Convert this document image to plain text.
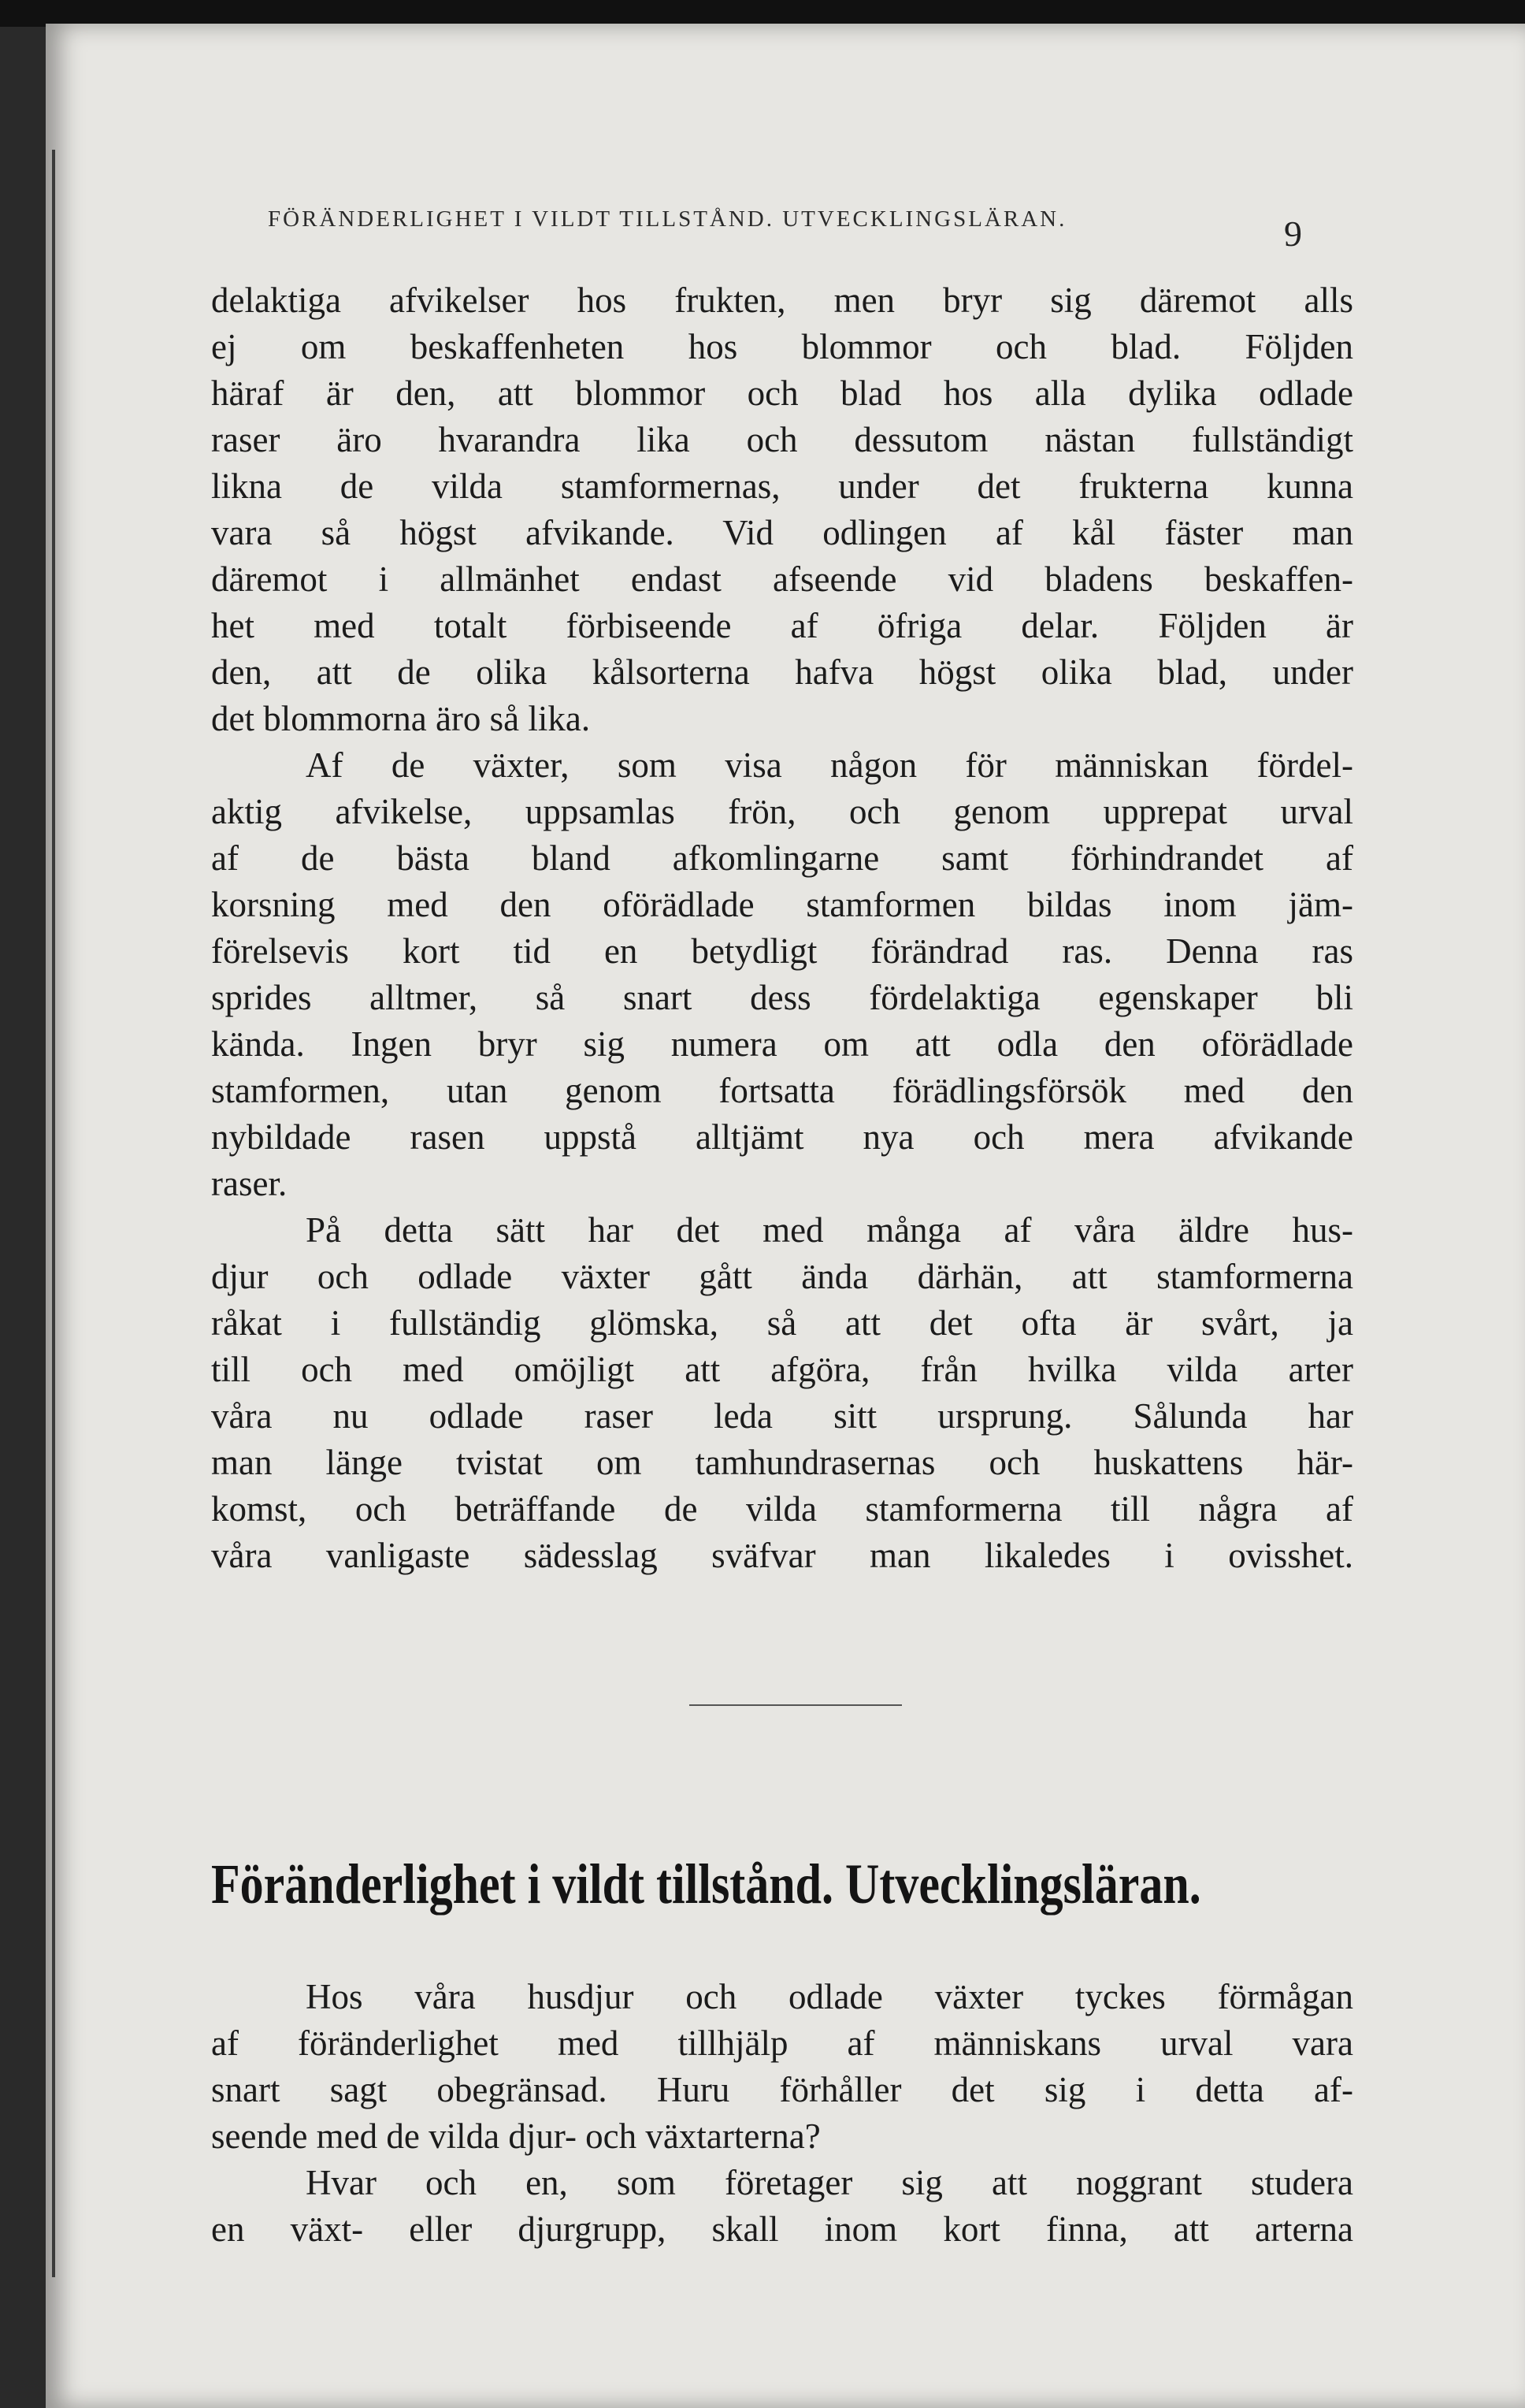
FÖRÄNDERLIGHET I VILDT TILLSTÅND. UTVECKLINGSLÄRAN.	9
delaktiga afvikelser hos frukten, men bryr sig däremot alls
ej om beskaffenheten hos blommor och blad. Följden
häraf är den, att blommor och blad hos alla dylika odlade
raser äro hvarandra lika och dessutom nästan fullständigt
likna de vilda stamformernas, under det frukterna kunna
vara så högst afvikande. Vid odlingen af kål fäster man
däremot i allmänhet endast afseende vid bladens beskaffen-
het med totalt förbiseende af öfriga delar. Följden är
den, att de olika kålsorterna hafva högst olika blad, under
det blommorna äro så lika.
Af de växter, som visa någon för människan fördel-
aktig afvikelse, uppsamlas frön, och genom upprepat urval
af de bästa bland afkomlingarne samt förhindrandet af
korsning med den oförädlade stamformen bildas inom jäm-
förelsevis kort tid en betydligt förändrad ras. Denna ras
sprides alltmer, så snart dess fördelaktiga egenskaper bli
kända. Ingen bryr sig numera om att odla den oförädlade
stamformen, utan genom fortsatta förädlingsförsök med den
nybildade rasen uppstå alltjämt nya och mera afvikande
raser.
På detta sätt har det med många af våra äldre hus-
djur och odlade växter gått ända därhän, att stamformerna
råkat i fullständig glömska, så att det ofta är svårt, ja
till och med omöjligt att afgöra, från hvilka vilda arter
våra nu odlade raser leda sitt ursprung. Sålunda har
man länge tvistat om tamhundrasernas och huskattens här-
komst, och beträffande de vilda stamformerna till några af
våra vanligaste sädesslag sväfvar man likaledes i ovisshet.
Föränderlighet i vildt tillstånd. Utvecklingsläran.
Hos våra husdjur och odlade växter tyckes förmågan
af föränderlighet med tillhjälp af människans urval vara
snart sagt obegränsad. Huru förhåller det sig i detta af-
seende med de vilda djur- och växtarterna?
Hvar och en, som företager sig att noggrant studera
en växt- eller djurgrupp, skall inom kort finna, att arterna
